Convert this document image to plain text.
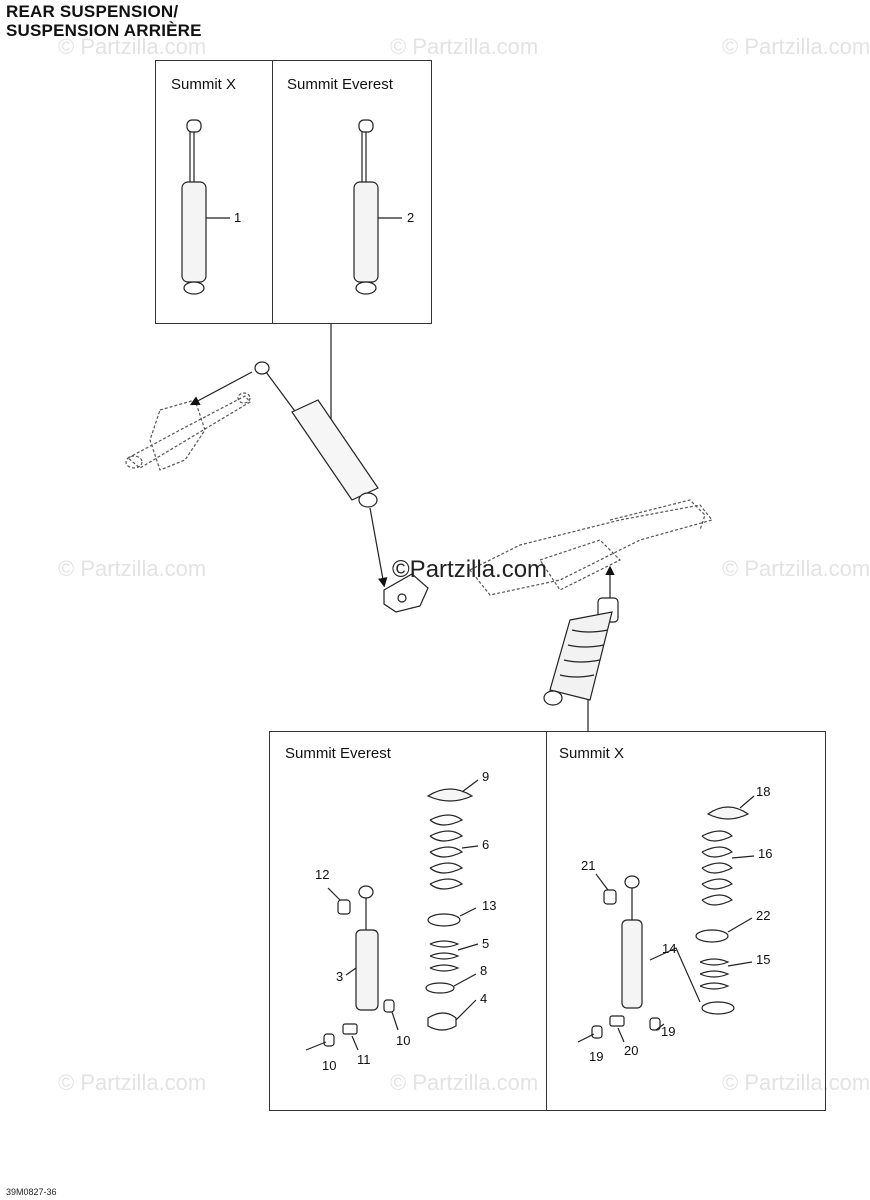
REAR SUSPENSION/
SUSPENSION ARRIÈRE
© Partzilla.com	© Partzilla.com	© Partzilla.com
© Partzilla.com	© Partzilla.com
© Partzilla.com	© Partzilla.com	© Partzilla.com
Summit X	Summit Everest
Summit Everest	Summit X
©Partzilla.com
1	2
9
6
12
13
5
3	8
4
10
11
10
21
18
16
22
14
15
19
19 20
39M0827-36
